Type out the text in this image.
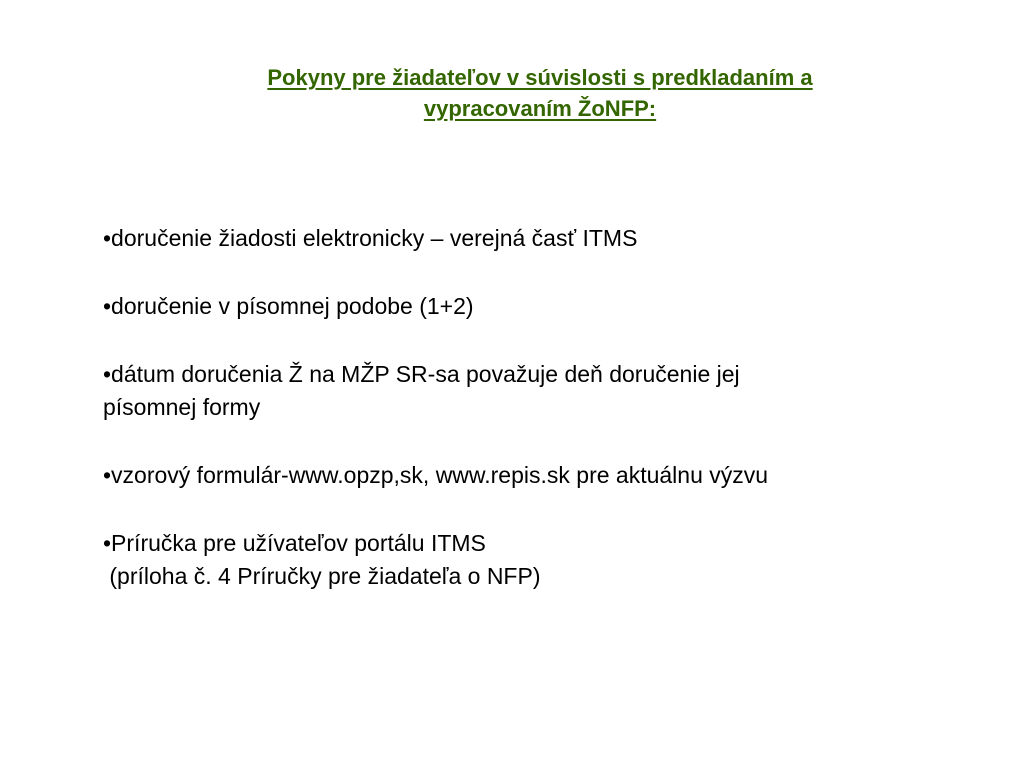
Pokyny pre žiadateľov v súvislosti s predkladaním a
vypracovaním ŽoNFP:
•doručenie žiadosti elektronicky – verejná časť ITMS
•doručenie v písomnej podobe (1+2)
•dátum doručenia Ž na MŽP SR-sa považuje deň doručenie jej
písomnej formy
•vzorový formulár-www.opzp,sk, www.repis.sk pre aktuálnu výzvu
•Príručka pre užívateľov portálu ITMS
(príloha č. 4 Príručky pre žiadateľa o NFP)
